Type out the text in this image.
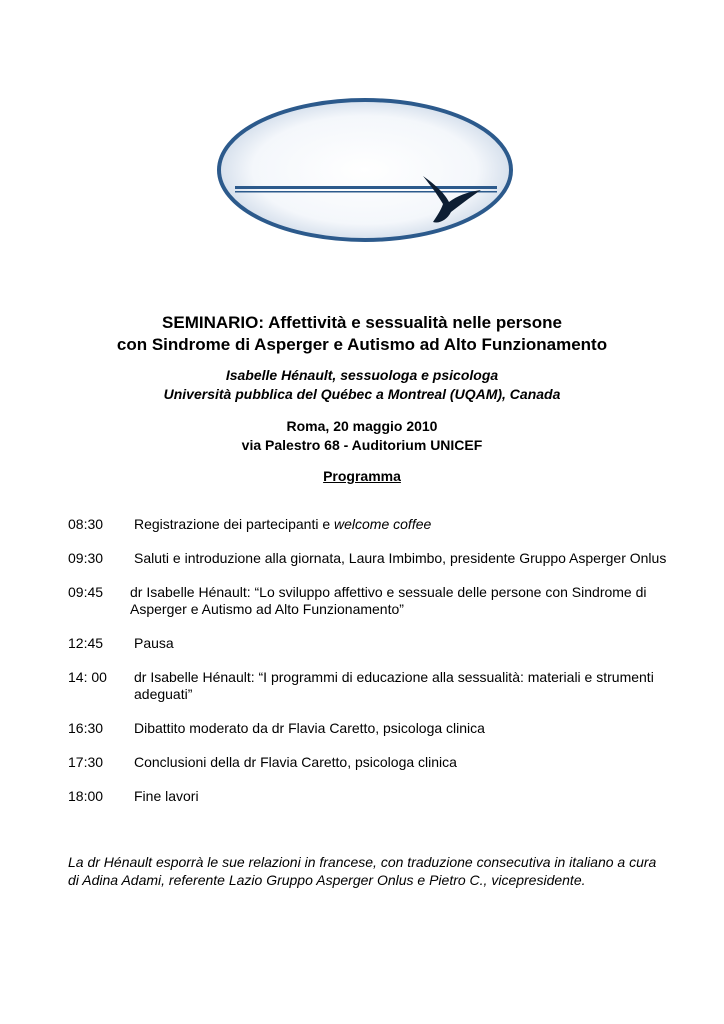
SEMINARIO: Affettività e sessualità nelle persone
con Sindrome di Asperger e Autismo ad Alto Funzionamento
Isabelle Hénault, sessuologa e psicologa
Università pubblica del Québec a Montreal (UQAM), Canada
Roma, 20 maggio 2010
via Palestro 68 - Auditorium UNICEF
Programma
08:30	Registrazione dei partecipanti e welcome coffee
09:30	Saluti e introduzione alla giornata, Laura Imbimbo, presidente Gruppo Asperger Onlus
09:45	dr Isabelle Hénault: “Lo sviluppo affettivo e sessuale delle persone con Sindrome di Asperger e Autismo ad Alto Funzionamento”
12:45	Pausa
14: 00	dr Isabelle Hénault: “I programmi di educazione alla sessualità: materiali e strumenti adeguati”
16:30	Dibattito moderato da dr Flavia Caretto, psicologa clinica
17:30	Conclusioni della dr Flavia Caretto, psicologa clinica
18:00	Fine lavori
La dr Hénault esporrà le sue relazioni in francese, con traduzione consecutiva in italiano a cura di Adina Adami, referente Lazio Gruppo Asperger Onlus e Pietro C., vicepresidente.
